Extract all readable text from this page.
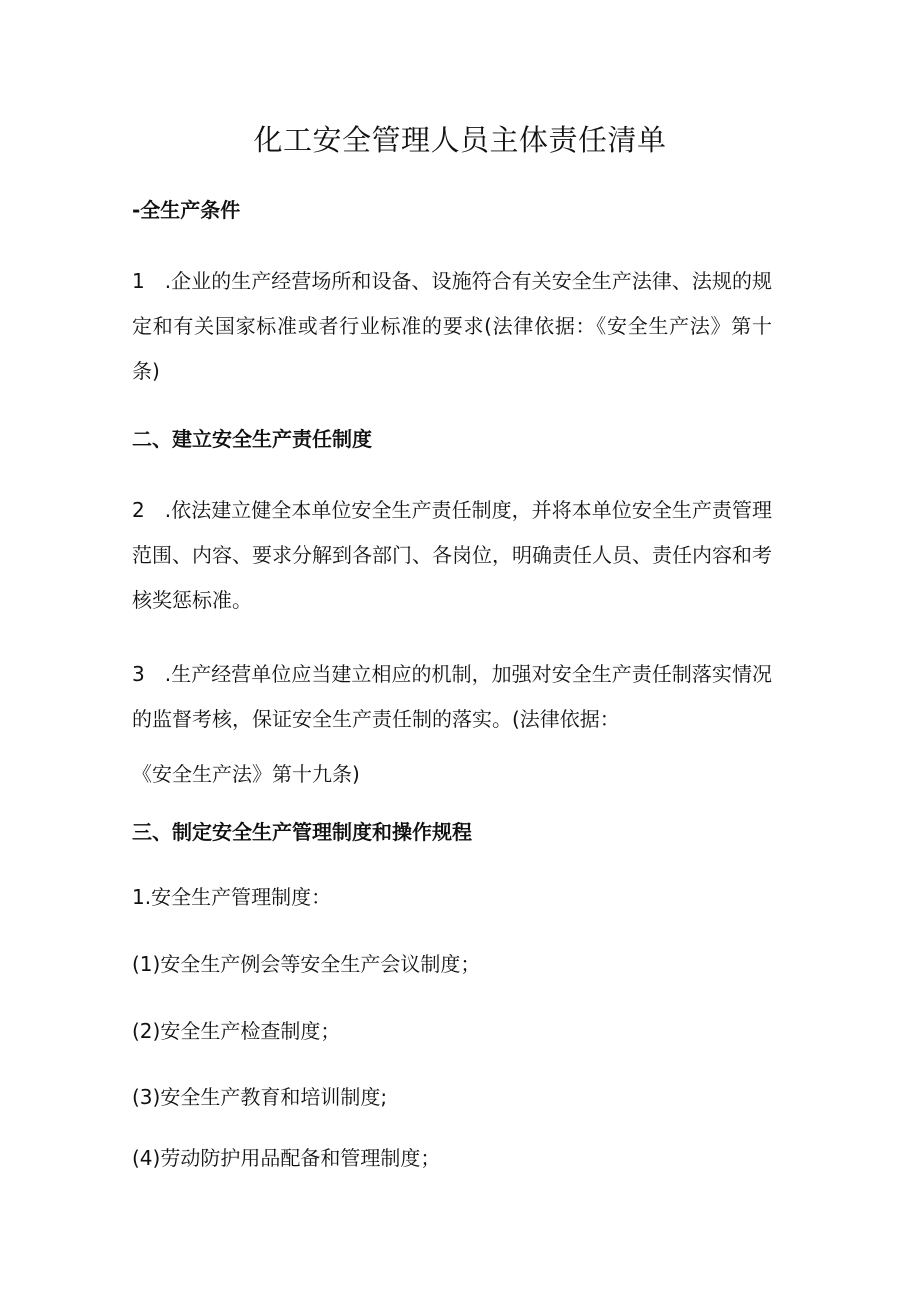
化工安全管理人员主体责任清单
-全生产条件

1　.企业的生产经营场所和设备、设施符合有关安全生产法律、法规的规定和有关国家标准或者行业标准的要求(法律依据：《安全生产法》第十条)

二、建立安全生产责任制度

2　.依法建立健全本单位安全生产责任制度，并将本单位安全生产责管理范围、内容、要求分解到各部门、各岗位，明确责任人员、责任内容和考核奖惩标准。

3　.生产经营单位应当建立相应的机制，加强对安全生产责任制落实情况的监督考核，保证安全生产责任制的落实。(法律依据：

《安全生产法》第十九条)
三、制定安全生产管理制度和操作规程
1.安全生产管理制度：
(1)安全生产例会等安全生产会议制度；
(2)安全生产检查制度；
(3)安全生产教育和培训制度;
(4)劳动防护用品配备和管理制度；
